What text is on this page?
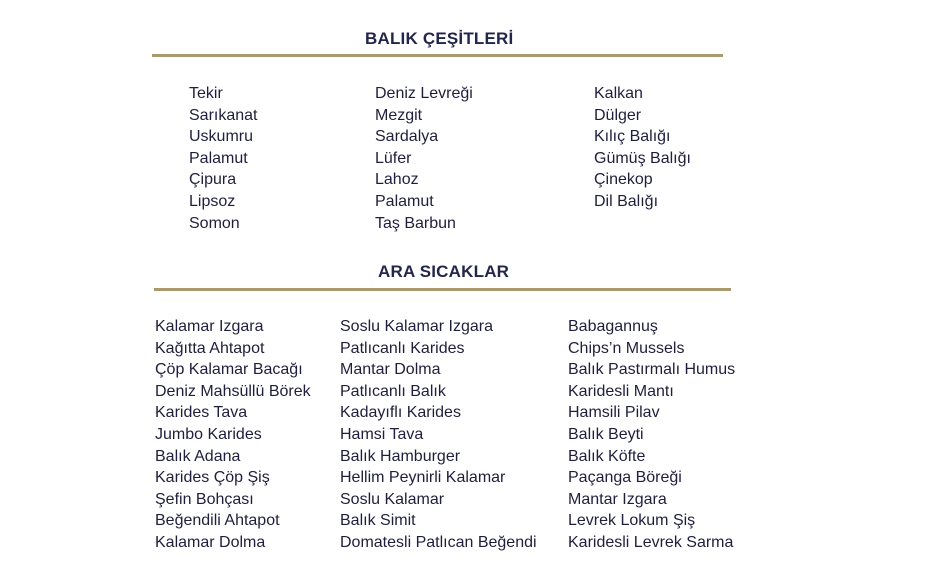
BALIK ÇEŞİTLERİ
Tekir
Sarıkanat
Uskumru
Palamut
Çipura
Lipsoz
Somon
Deniz Levreği
Mezgit
Sardalya
Lüfer
Lahoz
Palamut
Taş Barbun
Kalkan
Dülger
Kılıç Balığı
Gümüş Balığı
Çinekop
Dil Balığı
ARA SICAKLAR
Kalamar Izgara
Kağıtta Ahtapot
Çöp Kalamar Bacağı
Deniz Mahsüllü Börek
Karides Tava
Jumbo Karides
Balık Adana
Karides Çöp Şiş
Şefin Bohçası
Beğendili Ahtapot
Kalamar Dolma
Soslu Kalamar Izgara
Patlıcanlı Karides
Mantar Dolma
Patlıcanlı Balık
Kadayıflı Karides
Hamsi Tava
Balık Hamburger
Hellim Peynirli Kalamar
Soslu Kalamar
Balık Simit
Domatesli Patlıcan Beğendi
Babagannuş
Chips’n Mussels
Balık Pastırmalı Humus
Karidesli Mantı
Hamsili Pilav
Balık Beyti
Balık Köfte
Paçanga Böreği
Mantar Izgara
Levrek Lokum Şiş
Karidesli Levrek Sarma
